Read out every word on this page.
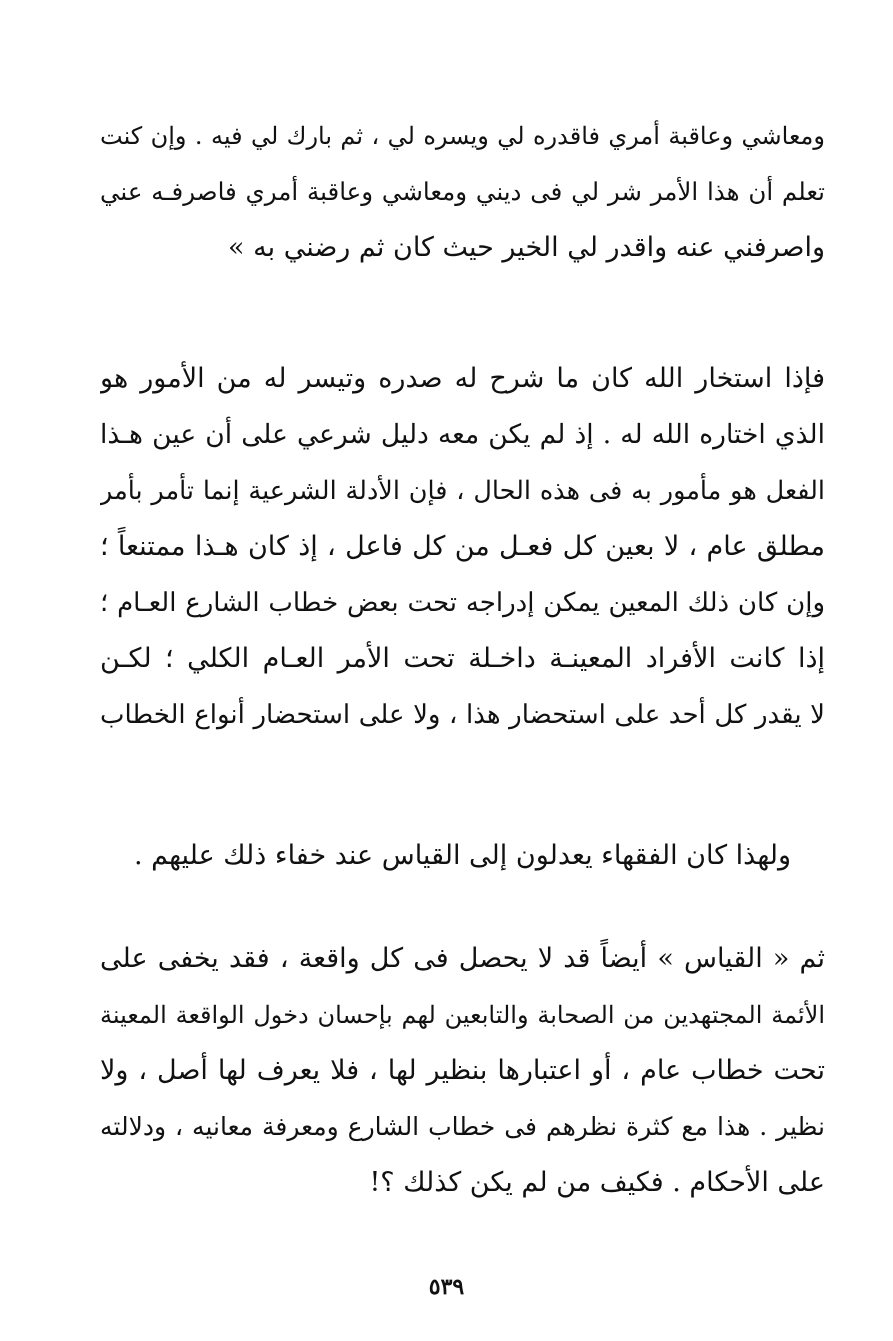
ومعاشي وعاقبة أمري فاقدره لي ويسره لي ، ثم بارك لي فيه . وإن كنت
تعلم أن هذا الأمر شر لي فى ديني ومعاشي وعاقبة أمري فاصرفـه عني
واصرفني عنه واقدر لي الخير حيث كان ثم رضني به »
فإذا استخار الله كان ما شرح له صدره وتيسر له من الأمور هو
الذي اختاره الله له . إذ لم يكن معه دليل شرعي على أن عين هـذا
الفعل هو مأمور به فى هذه الحال ، فإن الأدلة الشرعية إنما تأمر بأمر
مطلق عام ، لا بعين كل فعـل من كل فاعل ، إذ كان هـذا ممتنعاً ؛
وإن كان ذلك المعين يمكن إدراجه تحت بعض خطاب الشارع العـام ؛
إذا كانت الأفراد المعينـة داخـلة تحت الأمر العـام الكلي ؛ لكـن
لا يقدر كل أحد على استحضار هذا ، ولا على استحضار أنواع الخطاب
ولهذا كان الفقهاء يعدلون إلى القياس عند خفاء ذلك عليهم .
ثم « القياس » أيضاً قد لا يحصل فى كل واقعة ، فقد يخفى على
الأئمة المجتهدين من الصحابة والتابعين لهم بإحسان دخول الواقعة المعينة
تحت خطاب عام ، أو اعتبارها بنظير لها ، فلا يعرف لها أصل ، ولا
نظير . هذا مع كثرة نظرهم فى خطاب الشارع ومعرفة معانيه ، ودلالته
على الأحكام . فكيف من لم يكن كذلك ؟!
٥٣٩
